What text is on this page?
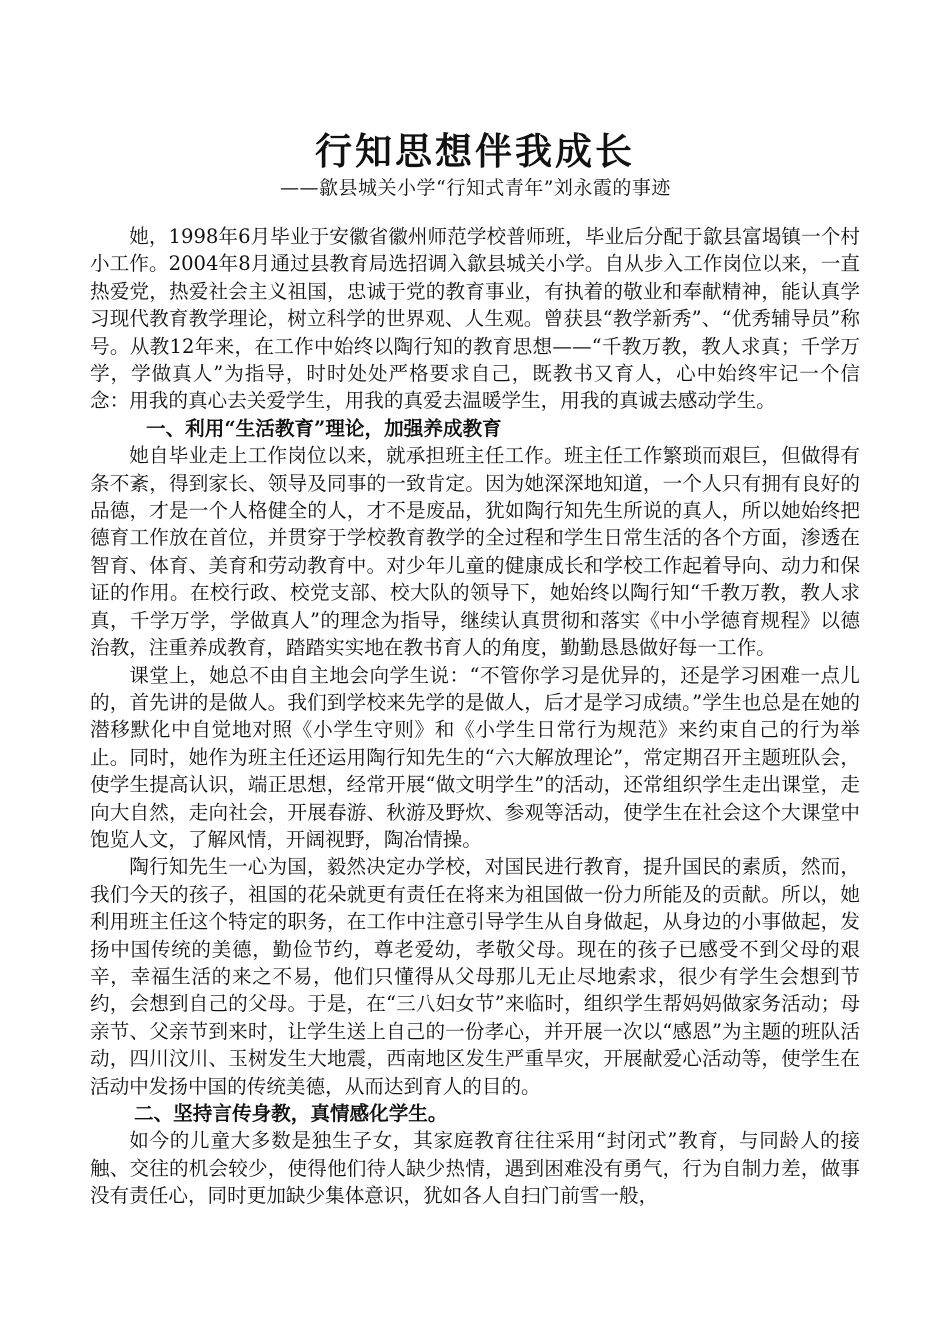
行知思想伴我成长

——歙县城关小学“行知式青年”刘永霞的事迹

她，1998年6月毕业于安徽省徽州师范学校普师班，毕业后分配于歙县富堨镇一个村小工作。2004年8月通过县教育局选招调入歙县城关小学。自从步入工作岗位以来，一直热爱党，热爱社会主义祖国，忠诚于党的教育事业，有执着的敬业和奉献精神，能认真学习现代教育教学理论，树立科学的世界观、人生观。曾获县“教学新秀”、“优秀辅导员”称号。从教12年来，在工作中始终以陶行知的教育思想——“千教万教，教人求真；千学万学，学做真人”为指导，时时处处严格要求自己，既教书又育人，心中始终牢记一个信念：用我的真心去关爱学生，用我的真爱去温暖学生，用我的真诚去感动学生。

一、利用“生活教育”理论，加强养成教育

她自毕业走上工作岗位以来，就承担班主任工作。班主任工作繁琐而艰巨，但做得有条不紊，得到家长、领导及同事的一致肯定。因为她深深地知道，一个人只有拥有良好的品德，才是一个人格健全的人，才不是废品，犹如陶行知先生所说的真人，所以她始终把德育工作放在首位，并贯穿于学校教育教学的全过程和学生日常生活的各个方面，渗透在智育、体育、美育和劳动教育中。对少年儿童的健康成长和学校工作起着导向、动力和保证的作用。在校行政、校党支部、校大队的领导下，她始终以陶行知“千教万教，教人求真，千学万学，学做真人”的理念为指导，继续认真贯彻和落实《中小学德育规程》以德治教，注重养成教育，踏踏实实地在教书育人的角度，勤勤恳恳做好每一工作。

课堂上，她总不由自主地会向学生说：“不管你学习是优异的，还是学习困难一点儿的，首先讲的是做人。我们到学校来先学的是做人，后才是学习成绩。”学生也总是在她的潜移默化中自觉地对照《小学生守则》和《小学生日常行为规范》来约束自己的行为举止。同时，她作为班主任还运用陶行知先生的“六大解放理论”，常定期召开主题班队会，使学生提高认识，端正思想，经常开展“做文明学生”的活动，还常组织学生走出课堂，走向大自然，走向社会，开展春游、秋游及野炊、参观等活动，使学生在社会这个大课堂中饱览人文，了解风情，开阔视野，陶冶情操。

陶行知先生一心为国，毅然决定办学校，对国民进行教育，提升国民的素质，然而，我们今天的孩子，祖国的花朵就更有责任在将来为祖国做一份力所能及的贡献。所以，她利用班主任这个特定的职务，在工作中注意引导学生从自身做起，从身边的小事做起，发扬中国传统的美德，勤俭节约，尊老爱幼，孝敬父母。现在的孩子已感受不到父母的艰辛，幸福生活的来之不易，他们只懂得从父母那儿无止尽地索求，很少有学生会想到节约，会想到自己的父母。于是，在“三八妇女节”来临时，组织学生帮妈妈做家务活动；母亲节、父亲节到来时，让学生送上自己的一份孝心，并开展一次以“感恩”为主题的班队活动，四川汶川、玉树发生大地震，西南地区发生严重旱灾，开展献爱心活动等，使学生在活动中发扬中国的传统美德，从而达到育人的目的。

二、坚持言传身教，真情感化学生。

如今的儿童大多数是独生子女，其家庭教育往往采用“封闭式”教育，与同龄人的接触、交往的机会较少，使得他们待人缺少热情，遇到困难没有勇气，行为自制力差，做事没有责任心，同时更加缺少集体意识，犹如各人自扫门前雪一般，
